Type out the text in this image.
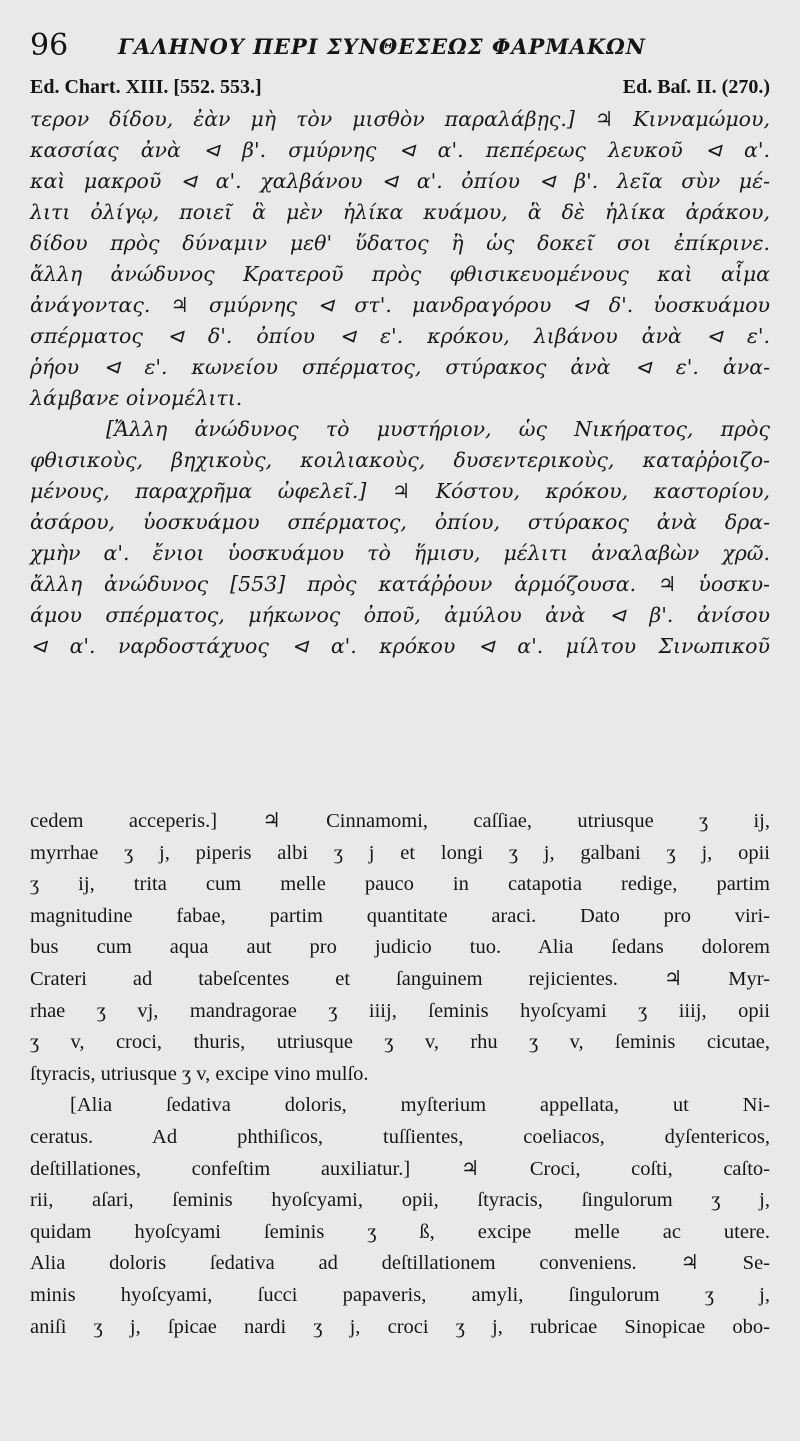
96 ΓΑΛΗΝΟΥ ΠΕΡΙ ΣΥΝΘΕΣΕΩΣ ΦΑΡΜΑΚΩΝ
Ed. Chart. XIII. [552. 553.]	Ed. Baſ. II. (270.)
τερον δίδου, ἐὰν μὴ τὸν μισθὸν παραλάβῃς.] ♃ Κινναμώμου,
κασσίας ἀνὰ ⊲ β'. σμύρνης ⊲ α'. πεπέρεως λευκοῦ ⊲ α'.
καὶ μακροῦ ⊲ α'. χαλβάνου ⊲ α'. ὀπίου ⊲ β'. λεῖα σὺν μέ-
λιτι ὀλίγῳ, ποιεῖ ἃ μὲν ἡλίκα κυάμου, ἃ δὲ ἡλίκα ἀράκου,
δίδου πρὸς δύναμιν μεθ' ὕδατος ἢ ὡς δοκεῖ σοι ἐπίκρινε.
ἄλλη ἀνώδυνος Κρατεροῦ πρὸς φθισικευομένους καὶ αἷμα
ἀνάγοντας. ♃ σμύρνης ⊲ στ'. μανδραγόρου ⊲ δ'. ὑοσκυάμου
σπέρματος ⊲ δ'. ὀπίου ⊲ ε'. κρόκου, λιβάνου ἀνὰ ⊲ ε'.
ῥήου ⊲ ε'. κωνείου σπέρματος, στύρακος ἀνὰ ⊲ ε'. ἀνα-
λάμβανε οἰνομέλιτι.
[Ἄλλη ἀνώδυνος τὸ μυστήριον, ὡς Νικήρατος, πρὸς
φθισικοὺς, βηχικοὺς, κοιλιακοὺς, δυσεντερικοὺς, καταῤῥοιζο-
μένους, παραχρῆμα ὠφελεῖ.] ♃ Κόστου, κρόκου, καστορίου,
ἀσάρου, ὑοσκυάμου σπέρματος, ὀπίου, στύρακος ἀνὰ δρα-
χμὴν α'. ἔνιοι ὑοσκυάμου τὸ ἥμισυ, μέλιτι ἀναλαβὼν χρῶ.
ἄλλη ἀνώδυνος [553] πρὸς κατάῤῥουν ἁρμόζουσα. ♃ ὑοσκυ-
άμου σπέρματος, μήκωνος ὀποῦ, ἀμύλου ἀνὰ ⊲ β'. ἀνίσου
⊲ α'. ναρδοστάχυος ⊲ α'. κρόκου ⊲ α'. μίλτου Σινωπικοῦ
cedem acceperis.] ♃ Cinnamomi, caſſiae, utriusque ʒ ij,
myrrhae ʒ j, piperis albi ʒ j et longi ʒ j, galbani ʒ j, opii
ʒ ij, trita cum melle pauco in catapotia redige, partim
magnitudine fabae, partim quantitate araci. Dato pro viri-
bus cum aqua aut pro judicio tuo. Alia ſedans dolorem
Crateri ad tabeſcentes et ſanguinem rejicientes. ♃ Myr-
rhae ʒ vj, mandragorae ʒ iiij, ſeminis hyoſcyami ʒ iiij, opii
ʒ v, croci, thuris, utriusque ʒ v, rhu ʒ v, ſeminis cicutae,
ſtyracis, utriusque ʒ v, excipe vino mulſo.
[Alia ſedativa doloris, myſterium appellata, ut Ni-
ceratus. Ad phthiſicos, tuſſientes, coeliacos, dyſentericos,
deſtillationes, confeſtim auxiliatur.] ♃ Croci, coſti, caſto-
rii, aſari, ſeminis hyoſcyami, opii, ſtyracis, ſingulorum ʒ j,
quidam hyoſcyami ſeminis ʒ ß, excipe melle ac utere.
Alia doloris ſedativa ad deſtillationem conveniens. ♃ Se-
minis hyoſcyami, ſucci papaveris, amyli, ſingulorum ʒ j,
aniſi ʒ j, ſpicae nardi ʒ j, croci ʒ j, rubricae Sinopicae obo-
